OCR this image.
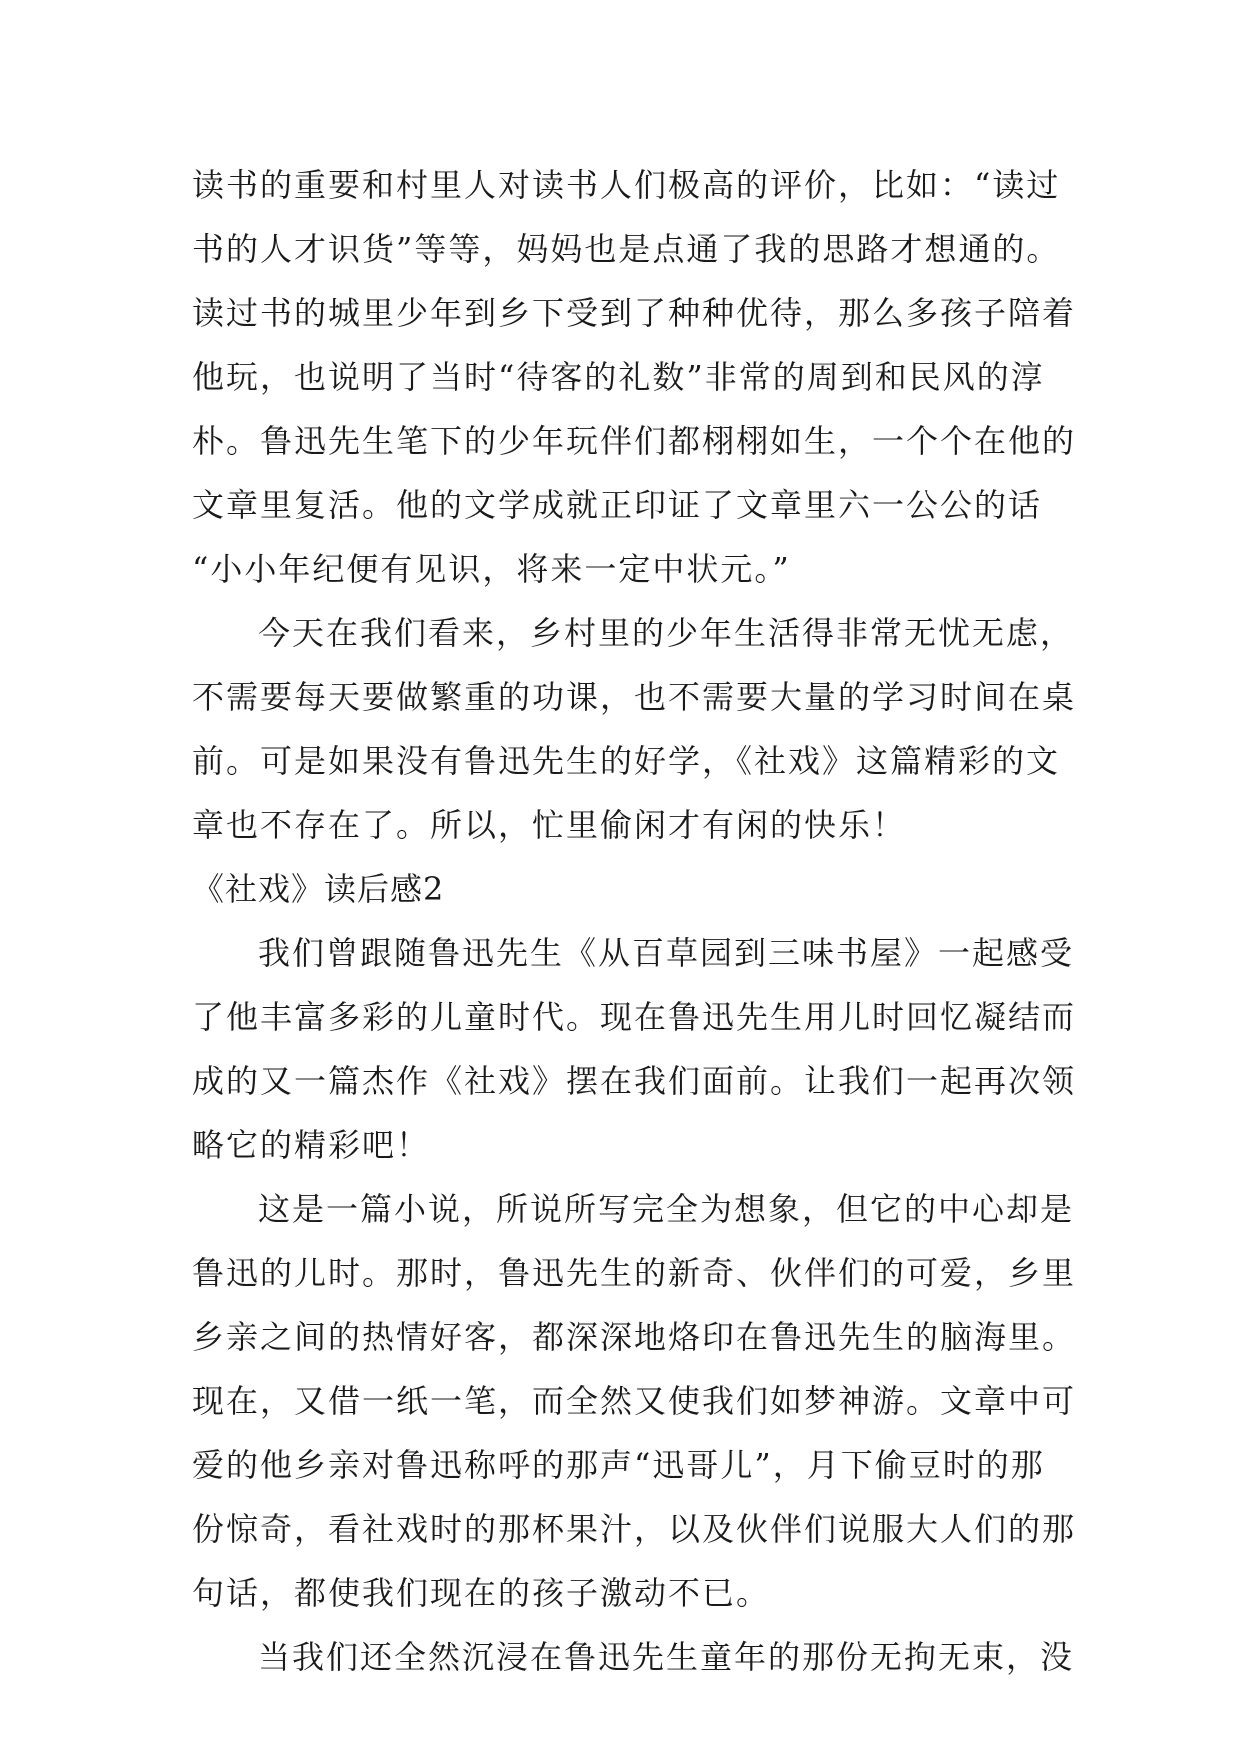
读书的重要和村里人对读书人们极高的评价，比如：“读过
书的人才识货”等等，妈妈也是点通了我的思路才想通的。
读过书的城里少年到乡下受到了种种优待，那么多孩子陪着
他玩，也说明了当时“待客的礼数”非常的周到和民风的淳
朴。鲁迅先生笔下的少年玩伴们都栩栩如生，一个个在他的
文章里复活。他的文学成就正印证了文章里六一公公的话
“小小年纪便有见识，将来一定中状元。”
今天在我们看来，乡村里的少年生活得非常无忧无虑，
不需要每天要做繁重的功课，也不需要大量的学习时间在桌
前。可是如果没有鲁迅先生的好学，《社戏》这篇精彩的文
章也不存在了。所以，忙里偷闲才有闲的快乐！
《社戏》读后感2
我们曾跟随鲁迅先生《从百草园到三味书屋》一起感受
了他丰富多彩的儿童时代。现在鲁迅先生用儿时回忆凝结而
成的又一篇杰作《社戏》摆在我们面前。让我们一起再次领
略它的精彩吧！
这是一篇小说，所说所写完全为想象，但它的中心却是
鲁迅的儿时。那时，鲁迅先生的新奇、伙伴们的可爱，乡里
乡亲之间的热情好客，都深深地烙印在鲁迅先生的脑海里。
现在，又借一纸一笔，而全然又使我们如梦神游。文章中可
爱的他乡亲对鲁迅称呼的那声“迅哥儿”，月下偷豆时的那
份惊奇，看社戏时的那杯果汁，以及伙伴们说服大人们的那
句话，都使我们现在的孩子激动不已。
当我们还全然沉浸在鲁迅先生童年的那份无拘无束，没
